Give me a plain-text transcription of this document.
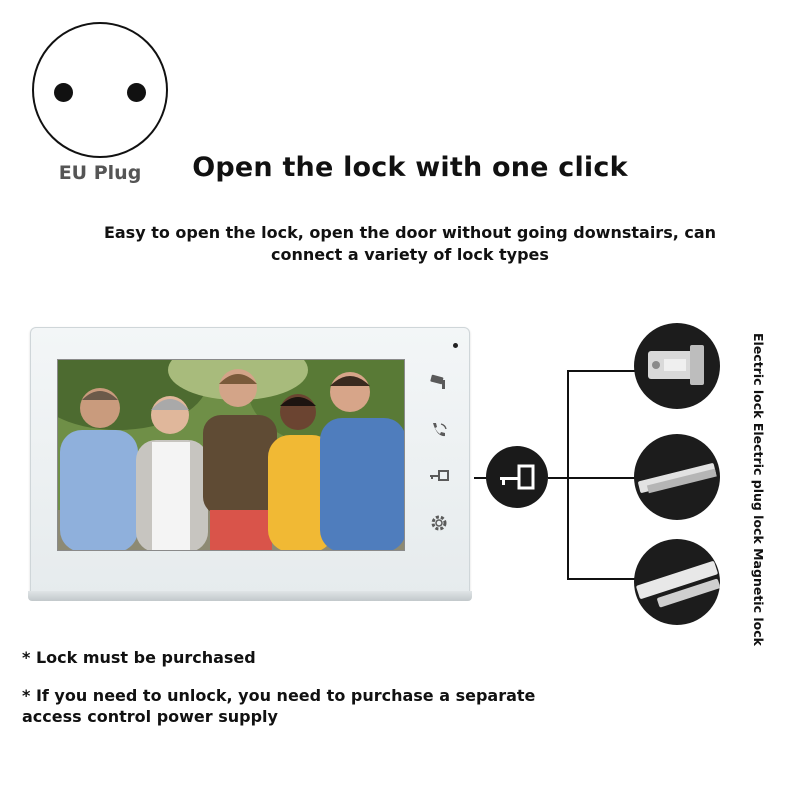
EU Plug	Open the lock with one click
Easy to open the lock, open the door without going downstairs, can
connect a variety of lock types
Electric lock Electric plug lock Magnetic lock
* Lock must be purchased
* If you need to unlock, you need to purchase a separate
access control power supply
